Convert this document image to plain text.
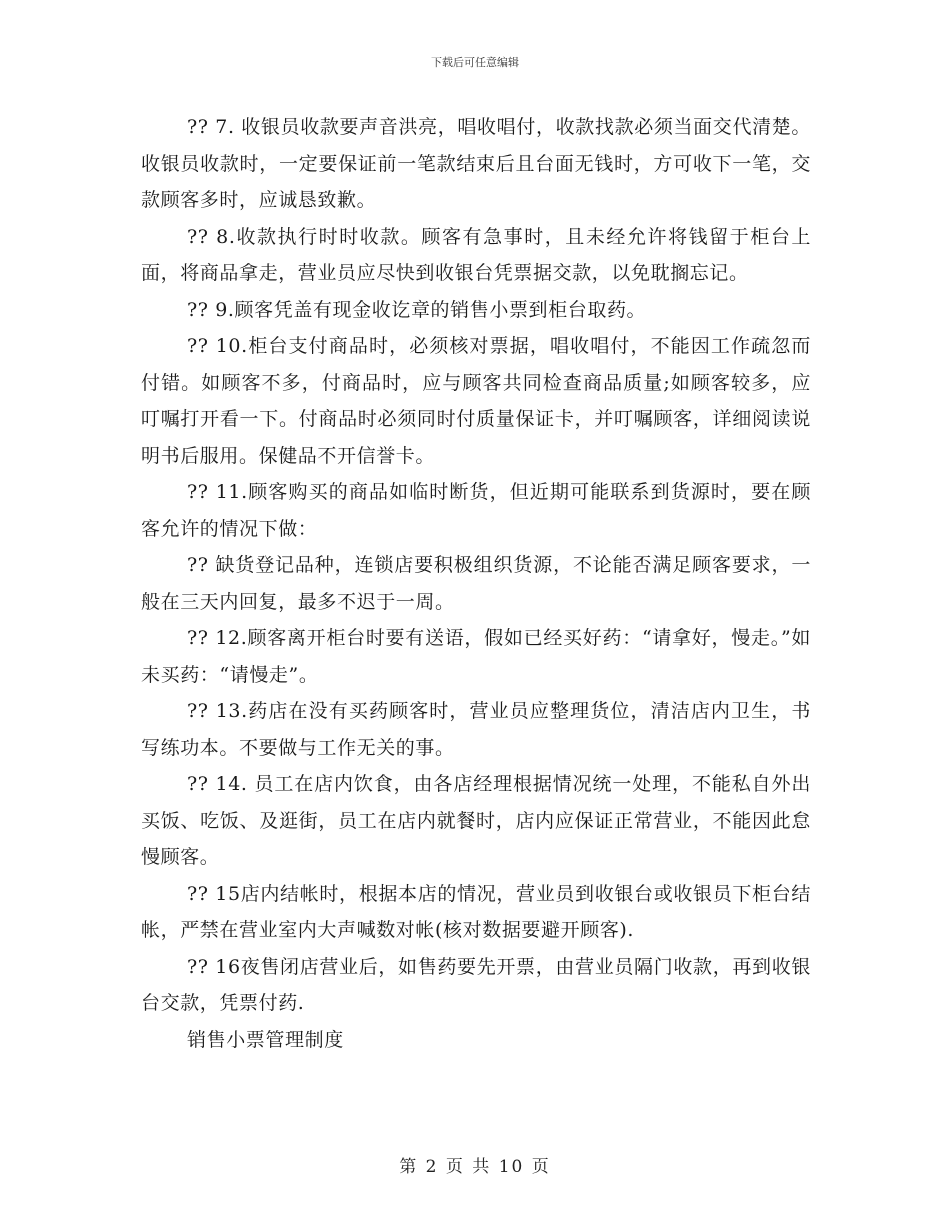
下载后可任意编辑

?? 7. 收银员收款要声音洪亮，唱收唱付，收款找款必须当面交代清楚。收银员收款时，一定要保证前一笔款结束后且台面无钱时，方可收下一笔，交款顾客多时，应诚恳致歉。

?? 8.收款执行时时收款。顾客有急事时，且未经允许将钱留于柜台上面，将商品拿走，营业员应尽快到收银台凭票据交款，以免耽搁忘记。

?? 9.顾客凭盖有现金收讫章的销售小票到柜台取药。

?? 10.柜台支付商品时，必须核对票据，唱收唱付，不能因工作疏忽而付错。如顾客不多，付商品时，应与顾客共同检查商品质量;如顾客较多，应叮嘱打开看一下。付商品时必须同时付质量保证卡，并叮嘱顾客，详细阅读说明书后服用。保健品不开信誉卡。

?? 11.顾客购买的商品如临时断货，但近期可能联系到货源时，要在顾客允许的情况下做：

?? 缺货登记品种，连锁店要积极组织货源，不论能否满足顾客要求，一般在三天内回复，最多不迟于一周。

?? 12.顾客离开柜台时要有送语，假如已经买好药：“请拿好，慢走。”如未买药：“请慢走”。

?? 13.药店在没有买药顾客时，营业员应整理货位，清洁店内卫生，书写练功本。不要做与工作无关的事。

?? 14. 员工在店内饮食，由各店经理根据情况统一处理，不能私自外出买饭、吃饭、及逛街，员工在店内就餐时，店内应保证正常营业，不能因此怠慢顾客。

?? 15店内结帐时，根据本店的情况，营业员到收银台或收银员下柜台结帐，严禁在营业室内大声喊数对帐(核对数据要避开顾客).

?? 16夜售闭店营业后，如售药要先开票，由营业员隔门收款，再到收银台交款，凭票付药.

销售小票管理制度

第 2 页 共 10 页
